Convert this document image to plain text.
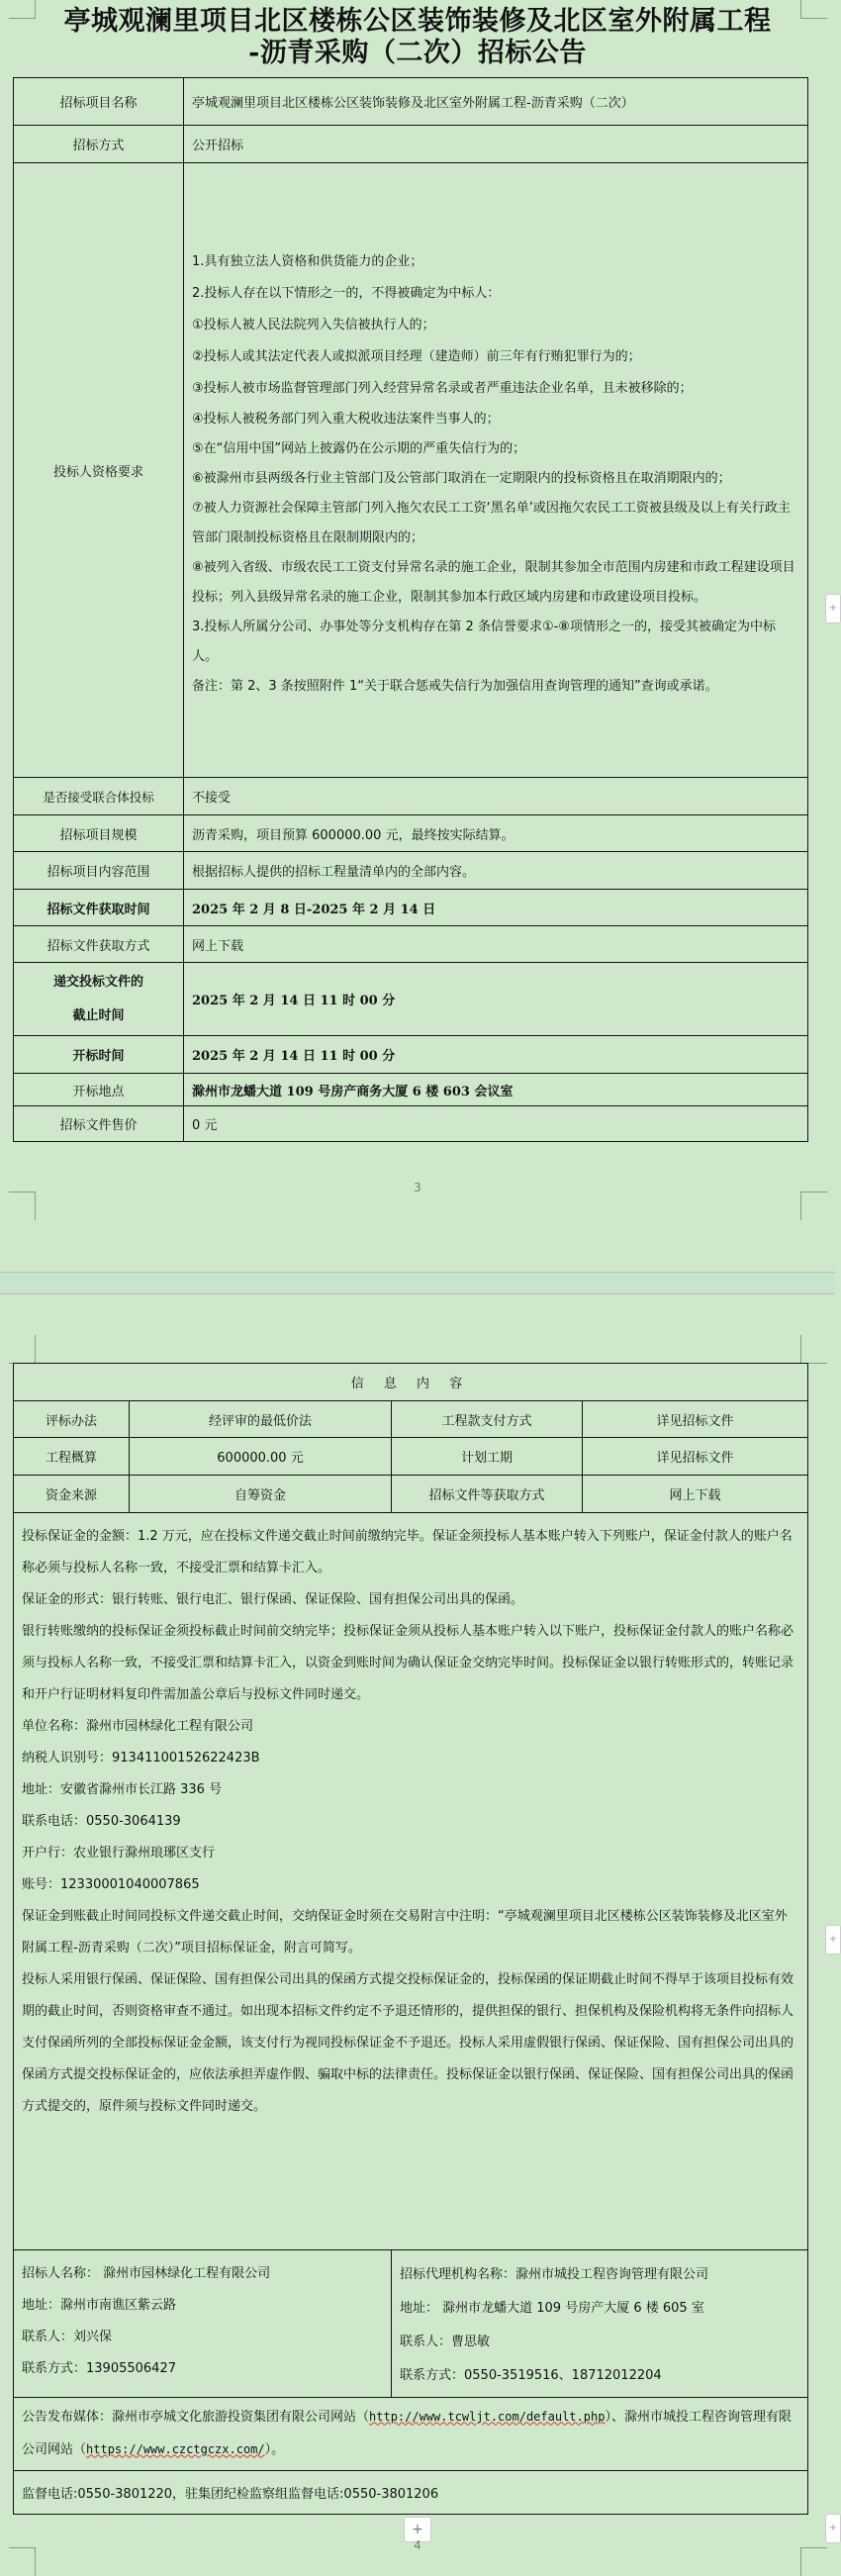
亭城观澜里项目北区楼栋公区装饰装修及北区室外附属工程
-沥青采购（二次）招标公告
招标项目名称	亭城观澜里项目北区楼栋公区装饰装修及北区室外附属工程-沥青采购（二次）
招标方式	公开招标
投标人资格要求	

1.具有独立法人资格和供货能力的企业；

2.投标人存在以下情形之一的，不得被确定为中标人：

①投标人被人民法院列入失信被执行人的；

②投标人或其法定代表人或拟派项目经理（建造师）前三年有行贿犯罪行为的；

③投标人被市场监督管理部门列入经营异常名录或者严重违法企业名单，且未被移除的；

④投标人被税务部门列入重大税收违法案件当事人的；

⑤在“信用中国”网站上披露仍在公示期的严重失信行为的；

⑥被滁州市县两级各行业主管部门及公管部门取消在一定期限内的投标资格且在取消期限内的；

⑦被人力资源社会保障主管部门列入拖欠农民工工资‘黑名单’或因拖欠农民工工资被县级及以上有关行政主管部门限制投标资格且在限制期限内的；

⑧被列入省级、市级农民工工资支付异常名录的施工企业，限制其参加全市范围内房建和市政工程建设项目投标；列入县级异常名录的施工企业，限制其参加本行政区域内房建和市政建设项目投标。

3.投标人所属分公司、办事处等分支机构存在第 2 条信誉要求①-⑧项情形之一的，接受其被确定为中标人。

备注：第 2、3 条按照附件 1“关于联合惩戒失信行为加强信用查询管理的通知”查询或承诺。

是否接受联合体投标	不接受
招标项目规模	沥青采购，项目预算 600000.00 元，最终按实际结算。
招标项目内容范围	根据招标人提供的招标工程量清单内的全部内容。
招标文件获取时间	2025 年 2 月 8 日-2025 年 2 月 14 日
招标文件获取方式	网上下载

递交投标文件的
截止时间	2025 年 2 月 14 日 11 时 00 分
开标时间	2025 年 2 月 14 日 11 时 00 分
开标地点	滁州市龙蟠大道 109 号房产商务大厦 6 楼 603 会议室
招标文件售价	0 元
+
3
信 息 内 容			
评标办法	经评审的最低价法	工程款支付方式	详见招标文件
工程概算	600000.00 元	计划工期	详见招标文件
资金来源	自筹资金	招标文件等获取方式	网上下载

投标保证金的金额：1.2 万元，应在投标文件递交截止时间前缴纳完毕。保证金须投标人基本账户转入下列账户，保证金付款人的账户名称必须与投标人名称一致，不接受汇票和结算卡汇入。

保证金的形式：银行转账、银行电汇、银行保函、保证保险、国有担保公司出具的保函。

银行转账缴纳的投标保证金须投标截止时间前交纳完毕；投标保证金须从投标人基本账户转入以下账户，投标保证金付款人的账户名称必须与投标人名称一致，不接受汇票和结算卡汇入，以资金到账时间为确认保证金交纳完毕时间。投标保证金以银行转账形式的，转账记录和开户行证明材料复印件需加盖公章后与投标文件同时递交。

单位名称：滁州市园林绿化工程有限公司

纳税人识别号：91341100152622423B

地址：安徽省滁州市长江路 336 号

联系电话：0550-3064139

开户行：农业银行滁州琅琊区支行

账号：12330001040007865

保证金到账截止时间同投标文件递交截止时间，交纳保证金时须在交易附言中注明：“亭城观澜里项目北区楼栋公区装饰装修及北区室外附属工程-沥青采购（二次）”项目招标保证金，附言可简写。

投标人采用银行保函、保证保险、国有担保公司出具的保函方式提交投标保证金的，投标保函的保证期截止时间不得早于该项目投标有效期的截止时间，否则资格审查不通过。如出现本招标文件约定不予退还情形的，提供担保的银行、担保机构及保险机构将无条件向招标人支付保函所列的全部投标保证金金额，该支付行为视同投标保证金不予退还。投标人采用虚假银行保函、保证保险、国有担保公司出具的保函方式提交投标保证金的，应依法承担弄虚作假、骗取中标的法律责任。投标保证金以银行保函、保证保险、国有担保公司出具的保函方式提交的，原件须与投标文件同时递交。

招标人名称： 滁州市园林绿化工程有限公司

地址：滁州市南谯区紫云路

联系人：刘兴保

联系方式：13905506427

招标代理机构名称：滁州市城投工程咨询管理有限公司

地址： 滁州市龙蟠大道 109 号房产大厦 6 楼 605 室

联系人：曹思敏

联系方式：0550-3519516、18712012204

公告发布媒体：滁州市亭城文化旅游投资集团有限公司网站（http://www.tcwljt.com/default.php）、滁州市城投工程咨询管理有限公司网站（https://www.czctgczx.com/）。			

监督电话:0550-3801220，驻集团纪检监察组监督电话:0550-3801206			
+
+
+
4
